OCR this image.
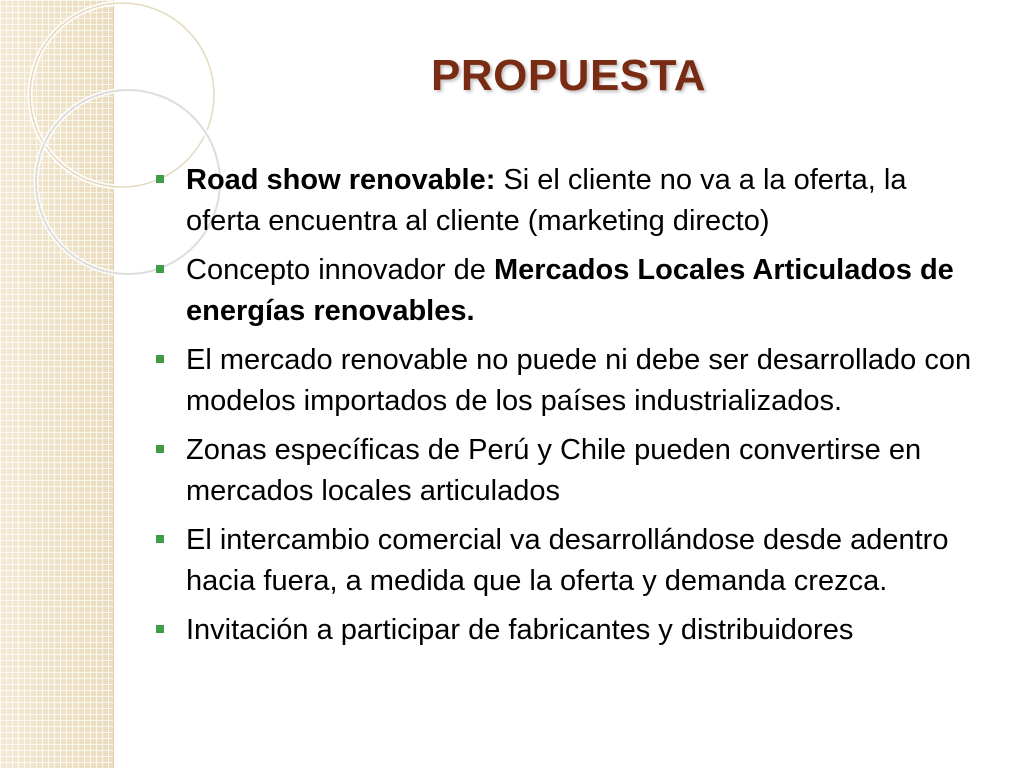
PROPUESTA
Road show renovable: Si el cliente no va a la oferta, la oferta encuentra al cliente (marketing directo)
Concepto innovador de Mercados Locales Articulados de energías renovables.
El mercado renovable no puede ni debe ser desarrollado con modelos importados de los países industrializados.
Zonas específicas de Perú y Chile pueden convertirse en mercados locales articulados
El intercambio comercial va desarrollándose desde adentro hacia fuera, a medida que la oferta y demanda crezca.
Invitación a participar de fabricantes y distribuidores
